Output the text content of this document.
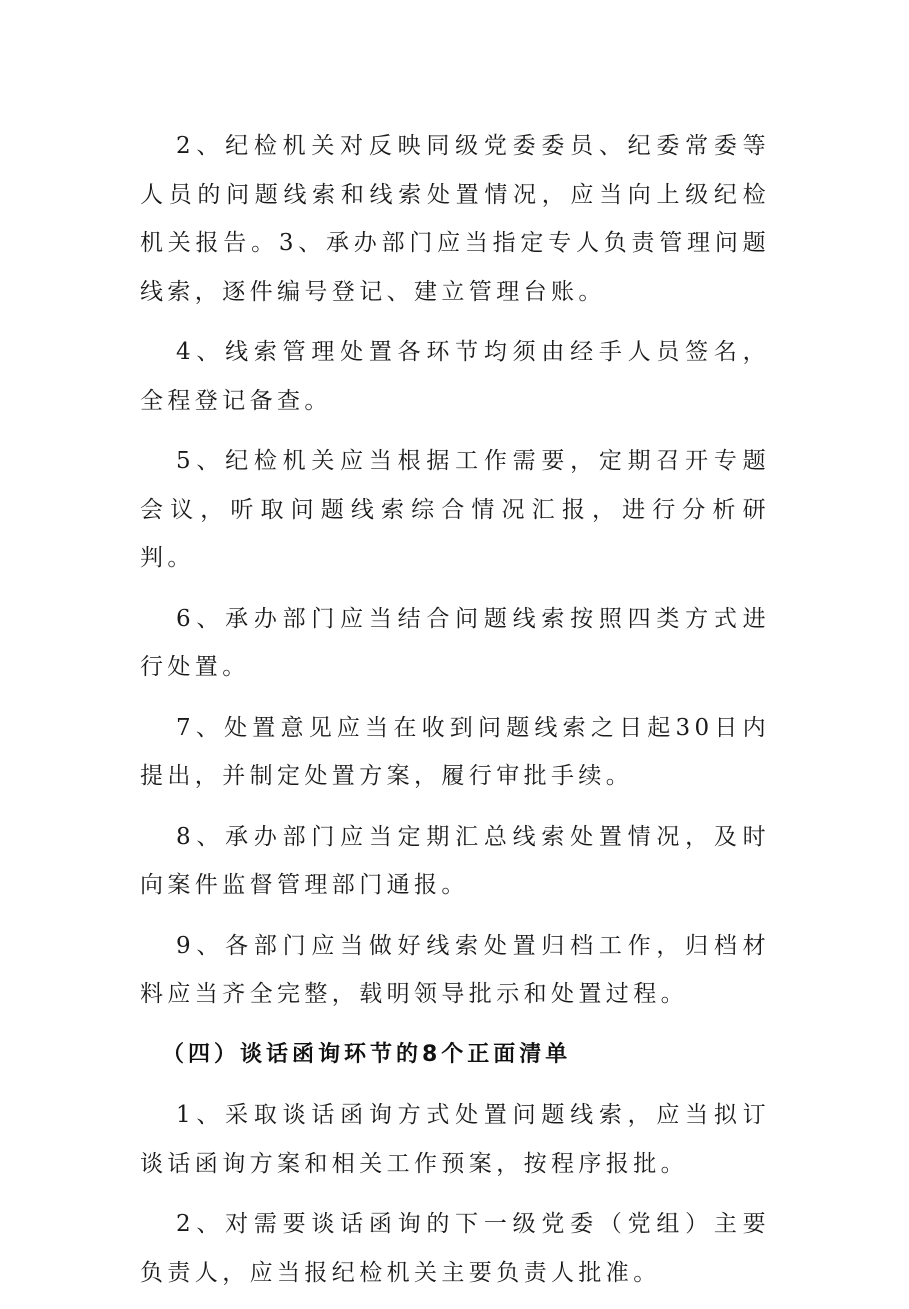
2、纪检机关对反映同级党委委员、纪委常委等人员的问题线索和线索处置情况，应当向上级纪检机关报告。3、承办部门应当指定专人负责管理问题线索，逐件编号登记、建立管理台账。

4、线索管理处置各环节均须由经手人员签名，全程登记备查。

5、纪检机关应当根据工作需要，定期召开专题会议，听取问题线索综合情况汇报，进行分析研判。

6、承办部门应当结合问题线索按照四类方式进行处置。

7、处置意见应当在收到问题线索之日起30日内提出，并制定处置方案，履行审批手续。

8、承办部门应当定期汇总线索处置情况，及时向案件监督管理部门通报。

9、各部门应当做好线索处置归档工作，归档材料应当齐全完整，载明领导批示和处置过程。

（四）谈话函询环节的8个正面清单

1、采取谈话函询方式处置问题线索，应当拟订谈话函询方案和相关工作预案，按程序报批。

2、对需要谈话函询的下一级党委（党组）主要负责人，应当报纪检机关主要负责人批准。
